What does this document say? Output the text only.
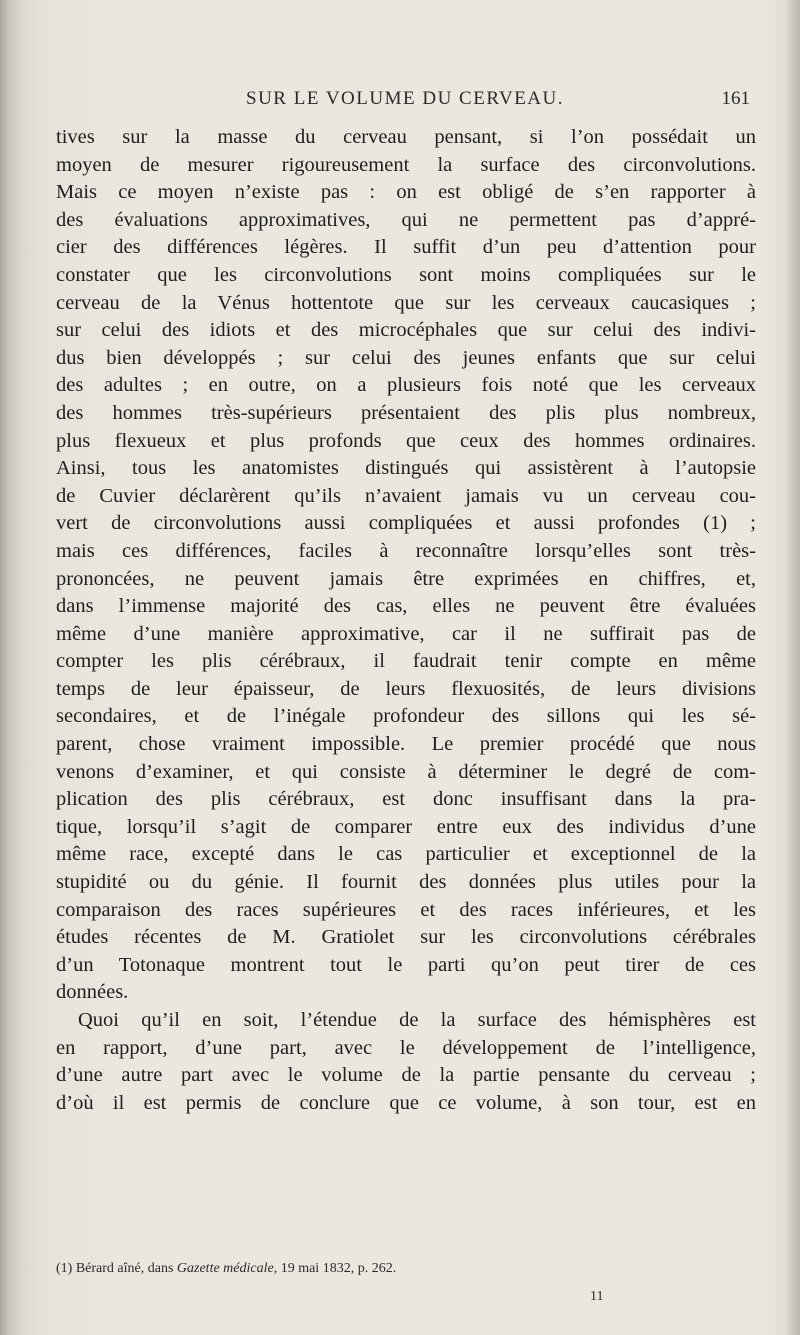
SUR LE VOLUME DU CERVEAU.	161
tives sur la masse du cerveau pensant, si l’on possédait un
moyen de mesurer rigoureusement la surface des circonvolutions.
Mais ce moyen n’existe pas : on est obligé de s’en rapporter à
des évaluations approximatives, qui ne permettent pas d’appré-
cier des différences légères. Il suffit d’un peu d’attention pour
constater que les circonvolutions sont moins compliquées sur le
cerveau de la Vénus hottentote que sur les cerveaux caucasiques ;
sur celui des idiots et des microcéphales que sur celui des indivi-
dus bien développés ; sur celui des jeunes enfants que sur celui
des adultes ; en outre, on a plusieurs fois noté que les cerveaux
des hommes très-supérieurs présentaient des plis plus nombreux,
plus flexueux et plus profonds que ceux des hommes ordinaires.
Ainsi, tous les anatomistes distingués qui assistèrent à l’autopsie
de Cuvier déclarèrent qu’ils n’avaient jamais vu un cerveau cou-
vert de circonvolutions aussi compliquées et aussi profondes (1) ;
mais ces différences, faciles à reconnaître lorsqu’elles sont très-
prononcées, ne peuvent jamais être exprimées en chiffres, et,
dans l’immense majorité des cas, elles ne peuvent être évaluées
même d’une manière approximative, car il ne suffirait pas de
compter les plis cérébraux, il faudrait tenir compte en même
temps de leur épaisseur, de leurs flexuosités, de leurs divisions
secondaires, et de l’inégale profondeur des sillons qui les sé-
parent, chose vraiment impossible. Le premier procédé que nous
venons d’examiner, et qui consiste à déterminer le degré de com-
plication des plis cérébraux, est donc insuffisant dans la pra-
tique, lorsqu’il s’agit de comparer entre eux des individus d’une
même race, excepté dans le cas particulier et exceptionnel de la
stupidité ou du génie. Il fournit des données plus utiles pour la
comparaison des races supérieures et des races inférieures, et les
études récentes de M. Gratiolet sur les circonvolutions cérébrales
d’un Totonaque montrent tout le parti qu’on peut tirer de ces
données.
Quoi qu’il en soit, l’étendue de la surface des hémisphères est
en rapport, d’une part, avec le développement de l’intelligence,
d’une autre part avec le volume de la partie pensante du cerveau ;
d’où il est permis de conclure que ce volume, à son tour, est en
(1) Bérard aîné, dans Gazette médicale, 19 mai 1832, p. 262.
11
